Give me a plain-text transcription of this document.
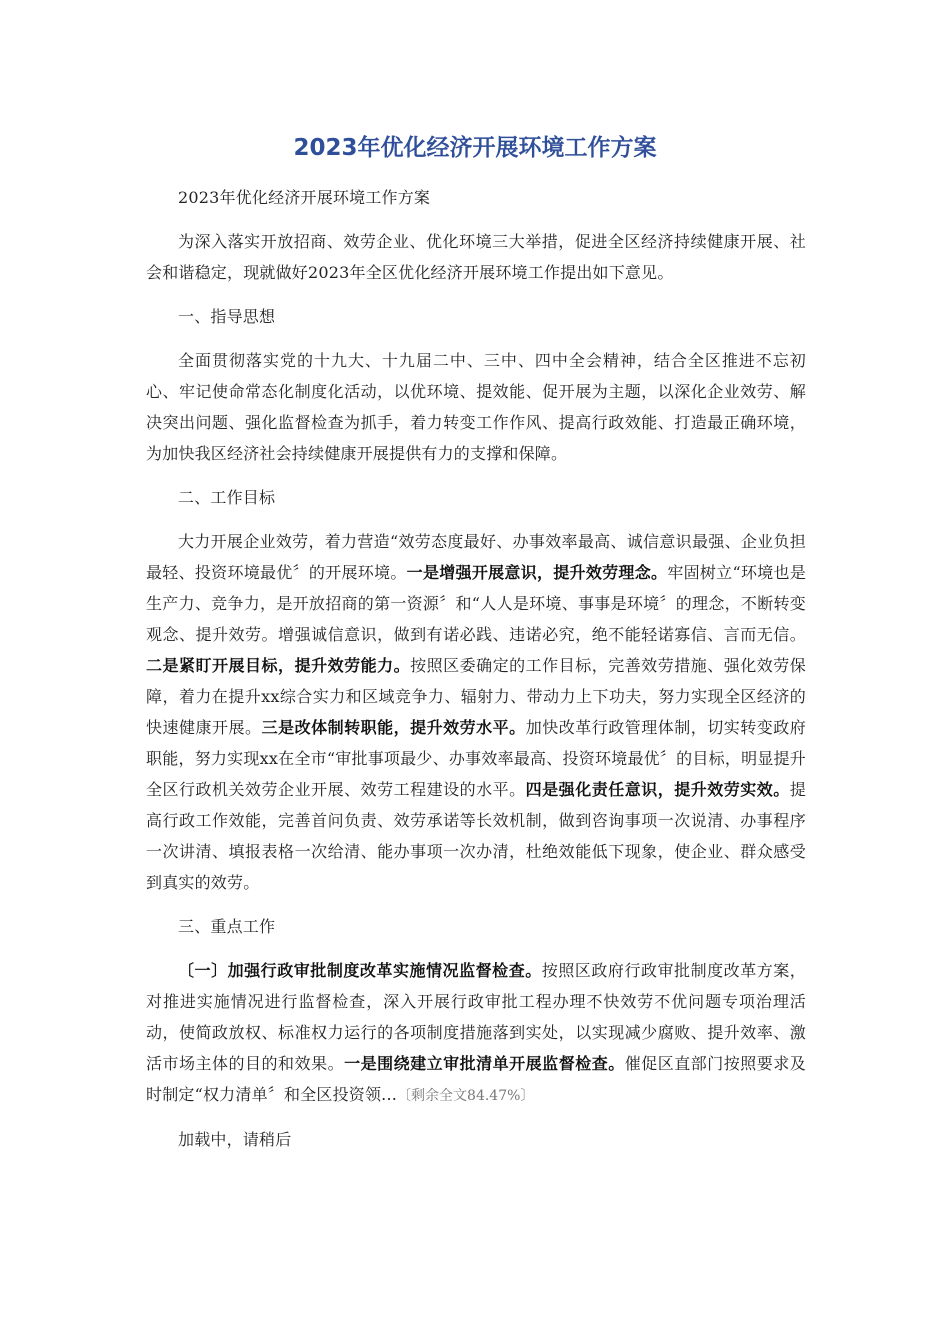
2023年优化经济开展环境工作方案

2023年优化经济开展环境工作方案

为深入落实开放招商、效劳企业、优化环境三大举措，促进全区经济持续健康开展、社会和谐稳定，现就做好2023年全区优化经济开展环境工作提出如下意见。

一、指导思想

全面贯彻落实党的十九大、十九届二中、三中、四中全会精神，结合全区推进不忘初心、牢记使命常态化制度化活动，以优环境、提效能、促开展为主题，以深化企业效劳、解决突出问题、强化监督检查为抓手，着力转变工作作风、提高行政效能、打造最正确环境，为加快我区经济社会持续健康开展提供有力的支撑和保障。

二、工作目标

大力开展企业效劳，着力营造“效劳态度最好、办事效率最高、诚信意识最强、企业负担最轻、投资环境最优〞的开展环境。一是增强开展意识，提升效劳理念。牢固树立“环境也是生产力、竞争力，是开放招商的第一资源〞和“人人是环境、事事是环境〞的理念，不断转变观念、提升效劳。增强诚信意识，做到有诺必践、违诺必究，绝不能轻诺寡信、言而无信。二是紧盯开展目标，提升效劳能力。按照区委确定的工作目标，完善效劳措施、强化效劳保障，着力在提升xx综合实力和区域竞争力、辐射力、带动力上下功夫，努力实现全区经济的快速健康开展。三是改体制转职能，提升效劳水平。加快改革行政管理体制，切实转变政府职能，努力实现xx在全市“审批事项最少、办事效率最高、投资环境最优〞的目标，明显提升全区行政机关效劳企业开展、效劳工程建设的水平。四是强化责任意识，提升效劳实效。提高行政工作效能，完善首问负责、效劳承诺等长效机制，做到咨询事项一次说清、办事程序一次讲清、填报表格一次给清、能办事项一次办清，杜绝效能低下现象，使企业、群众感受到真实的效劳。

三、重点工作

〔一〕加强行政审批制度改革实施情况监督检查。按照区政府行政审批制度改革方案，对推进实施情况进行监督检查，深入开展行政审批工程办理不快效劳不优问题专项治理活动，使简政放权、标准权力运行的各项制度措施落到实处，以实现减少腐败、提升效率、激活市场主体的目的和效果。一是围绕建立审批清单开展监督检查。催促区直部门按照要求及时制定“权力清单〞和全区投资领...〔剩余全文84.47%〕

加载中，请稍后
